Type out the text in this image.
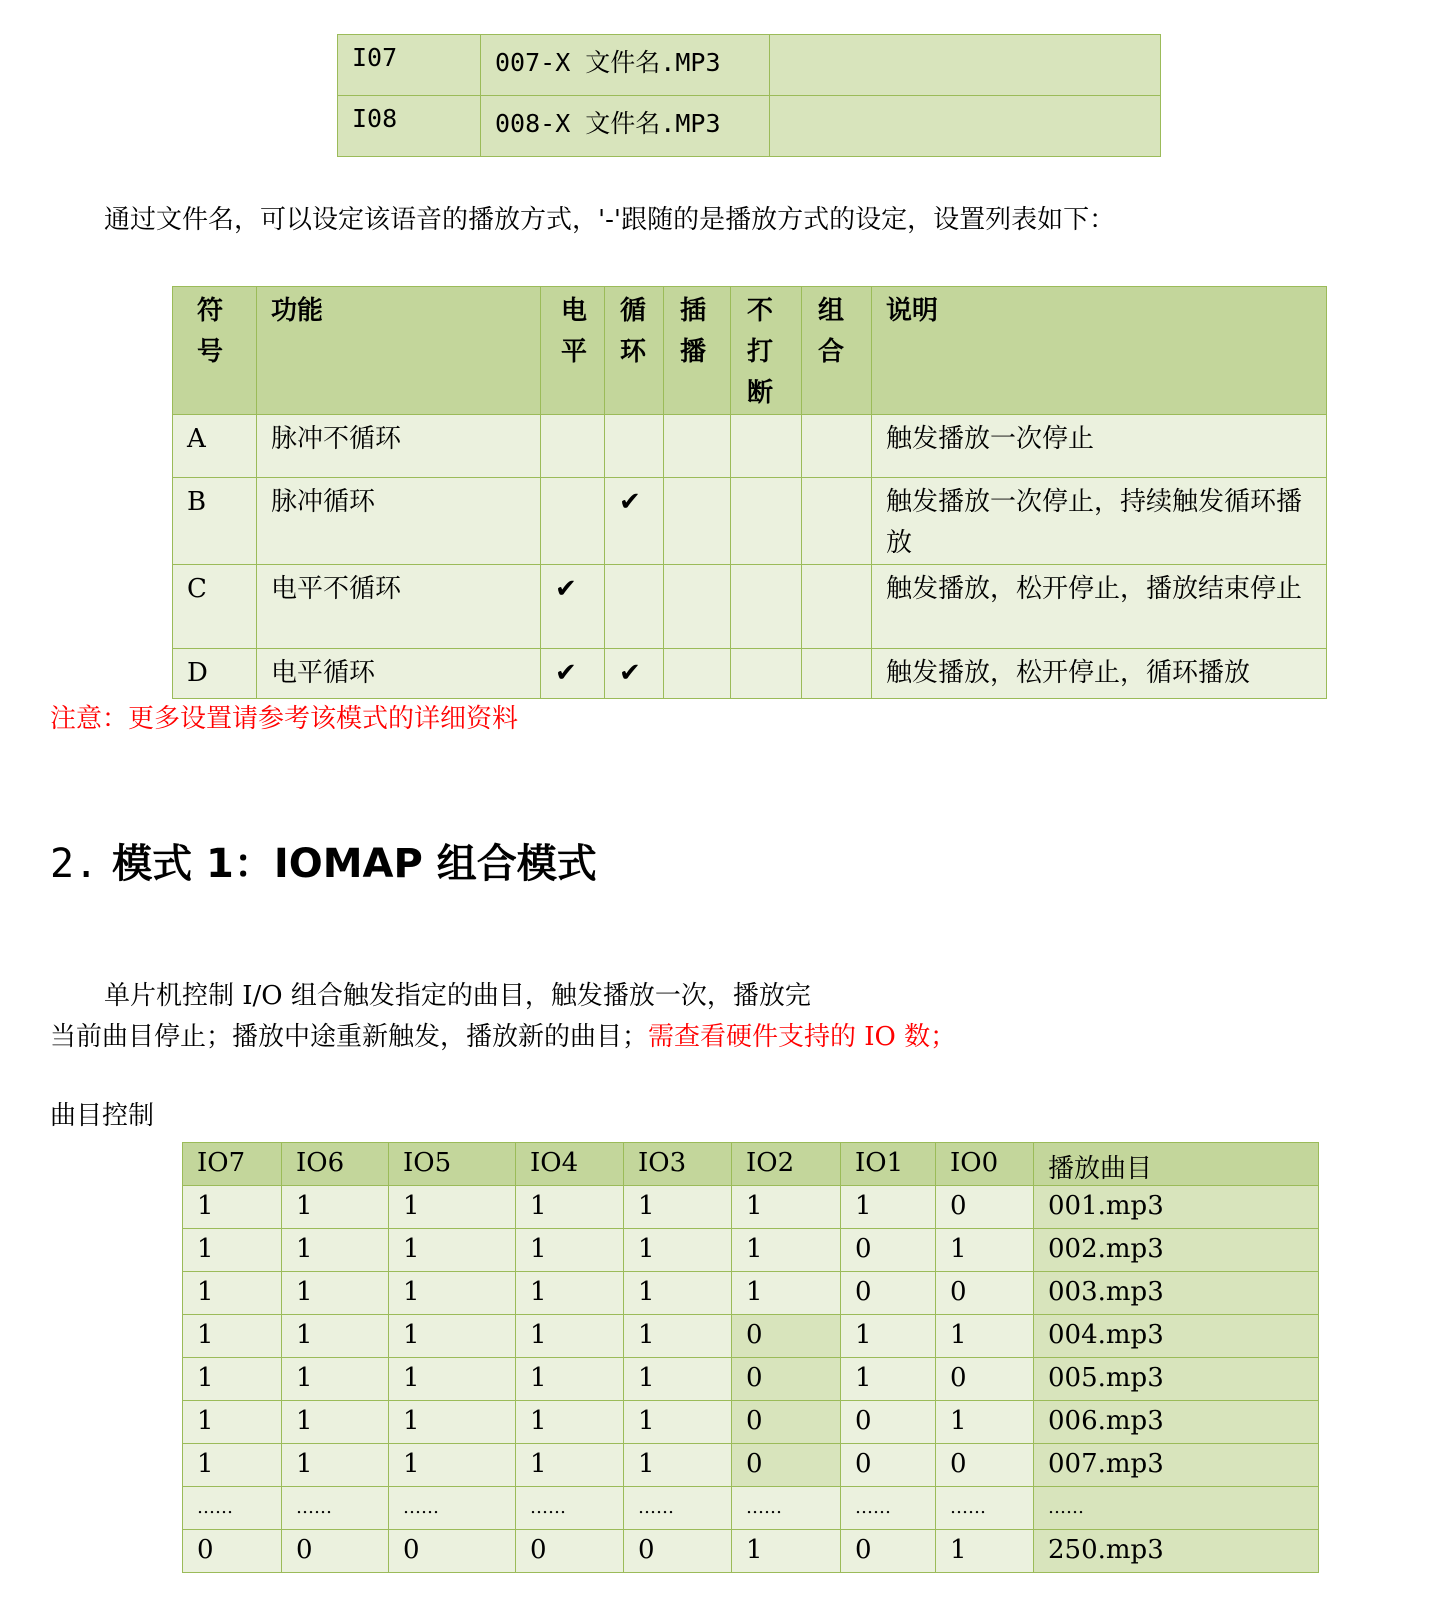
I07	007-X 文件名.MP3	
I08	008-X 文件名.MP3	
通过文件名，可以设定该语音的播放方式，'-'跟随的是播放方式的设定，设置列表如下：
符号	功能	电平	循环	插播	不打断	组合	说明
A	脉冲不循环						触发播放一次停止
B	脉冲循环		✔				触发播放一次停止，持续触发循环播放
C	电平不循环	✔					触发播放，松开停止，播放结束停止
D	电平循环	✔	✔				触发播放，松开停止，循环播放
注意：更多设置请参考该模式的详细资料
2. 模式 1：IOMAP 组合模式
单片机控制 I/O 组合触发指定的曲目，触发播放一次，播放完
当前曲目停止；播放中途重新触发，播放新的曲目；需查看硬件支持的 IO 数；
曲目控制
IO7	IO6	IO5	IO4	IO3	IO2	IO1	IO0	播放曲目
1	1	1	1	1	1	1	0	001.mp3
1	1	1	1	1	1	0	1	002.mp3
1	1	1	1	1	1	0	0	003.mp3
1	1	1	1	1	0	1	1	004.mp3
1	1	1	1	1	0	1	0	005.mp3
1	1	1	1	1	0	0	1	006.mp3
1	1	1	1	1	0	0	0	007.mp3
……	……	……	……	……	……	……	……	……
0	0	0	0	0	1	0	1	250.mp3
